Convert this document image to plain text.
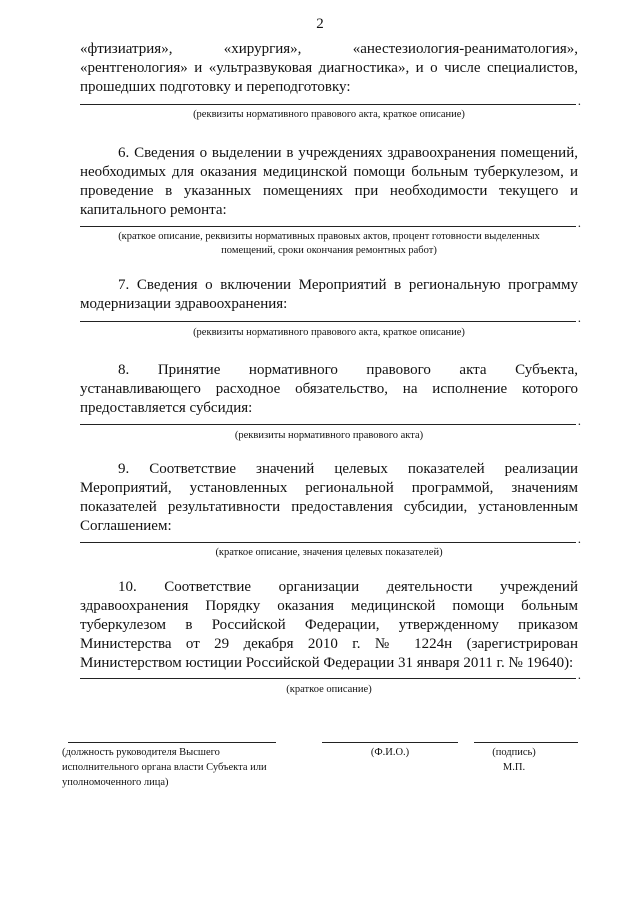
2
«фтизиатрия», «хирургия», «анестезиология-реаниматология», «рентгенология» и «ультразвуковая диагностика», и о числе специалистов, прошедших подготовку и переподготовку:
.
(реквизиты нормативного правового акта, краткое описание)
6. Сведения о выделении в учреждениях здравоохранения помещений, необходимых для оказания медицинской помощи больным туберкулезом, и проведение в указанных помещениях при необходимости текущего и капитального ремонта:
.
(краткое описание, реквизиты нормативных правовых актов, процент готовности выделенных помещений, сроки окончания ремонтных работ)
7. Сведения о включении Мероприятий в региональную программу модернизации здравоохранения:
.
(реквизиты нормативного правового акта, краткое описание)
8. Принятие нормативного правового акта Субъекта, устанавливающего расходное обязательство, на исполнение которого предоставляется субсидия:
.
(реквизиты нормативного правового акта)
9. Соответствие значений целевых показателей реализации Мероприятий, установленных региональной программой, значениям показателей результативности предоставления субсидии, установленным Соглашением:
.
(краткое описание, значения целевых показателей)
10. Соответствие организации деятельности учреждений здравоохранения Порядку оказания медицинской помощи больным туберкулезом в Российской Федерации, утвержденному приказом Министерства от 29 декабря 2010 г. № 1224н (зарегистрирован Министерством юстиции Российской Федерации 31 января 2011 г. № 19640):
.
(краткое описание)
(должность руководителя Высшего исполнительного органа власти Субъекта или уполномоченного лица)
(Ф.И.О.)	(подпись)
М.П.
